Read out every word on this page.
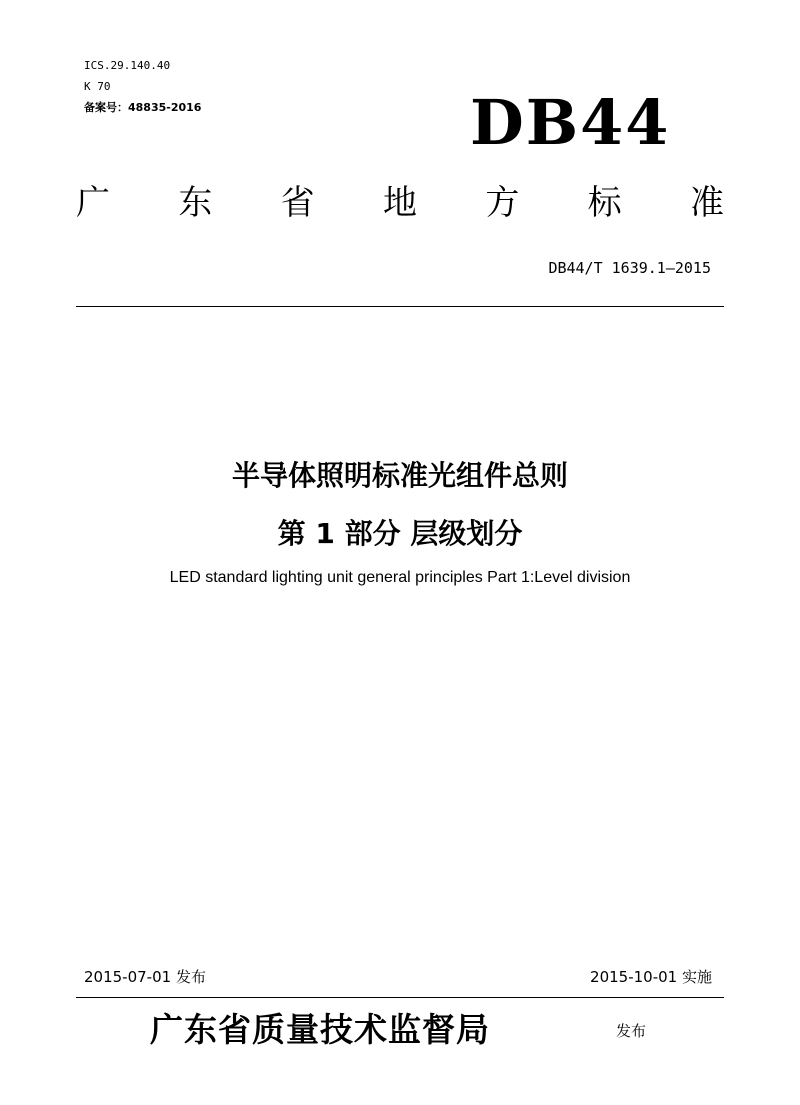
ICS.29.140.40
K 70
备案号：48835-2016	DB44
广 东 省 地 方 标 准
DB44/T 1639.1—2015
半导体照明标准光组件总则
第 1 部分 层级划分
LED standard lighting unit general principles Part 1:Level division
2015-07-01 发布	2015-10-01 实施
广东省质量技术监督局	发布
